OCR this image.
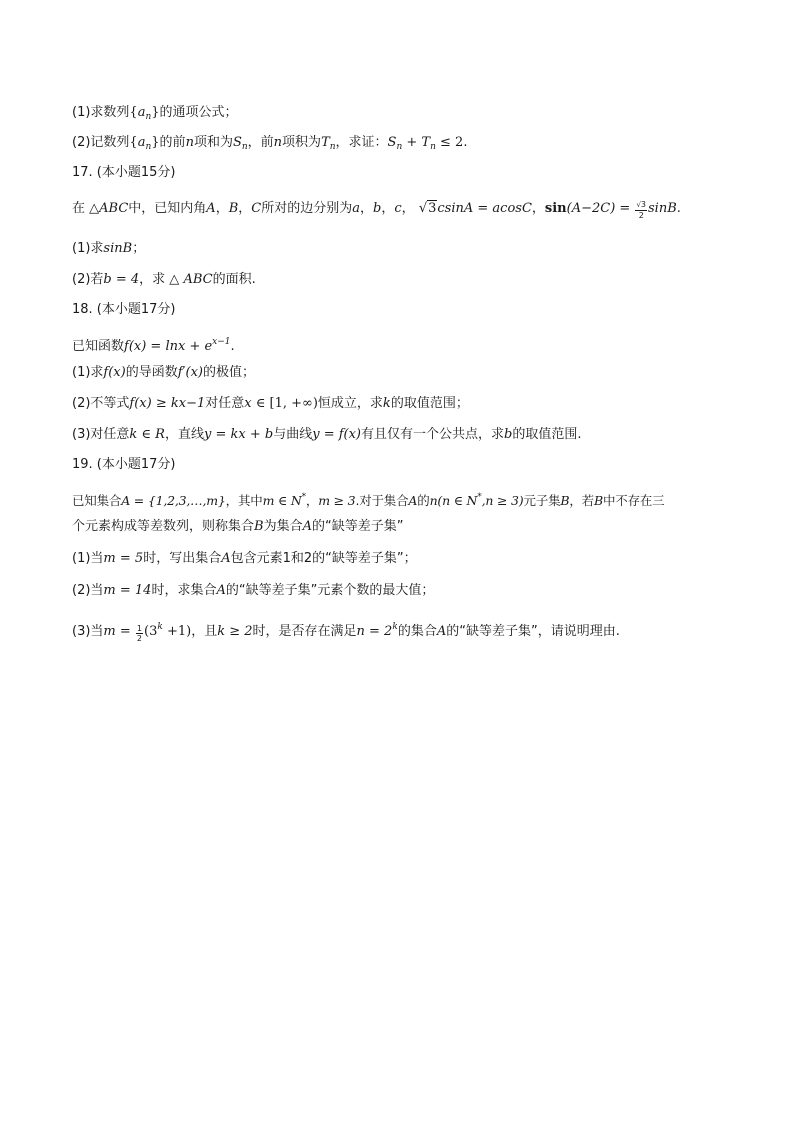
(1)求数列$\{a_n\}$的通项公式；
(2)记数列$\{a_n\}$的前n项和为$S_n$，前n项积为$T_n$，求证：$S_n + T_n \le 2$.
17. (本小题15分)
在 △ABC中，已知内角A，B，C所对的边分别为a，b，c， √3csinA = acosC，$\sin(A-2C) = \frac{√3}{2} \sin B$.
(1)求sinB；
(2)若b = 4，求 △ ABC的面积.
18. (本小题17分)
已知函数$f(x) = \ln x + e^{x-1}$.
(1)求f(x)的导函数f′(x)的极值；
(2)不等式f(x) ≥ kx−1对任意x ∈ [1, +∞)恒成立，求k的取值范围；
(3)对任意k ∈ R，直线y = kx + b与曲线y = f(x)有且仅有一个公共点，求b的取值范围.
19. (本小题17分)
已知集合A = {1,2,3,…,m}，其中m ∈ N*，m ≥ 3.对于集合A的n(n ∈ N*,n ≥ 3)元子集B，若B中不存在三
个元素构成等差数列，则称集合B为集合A的“缺等差子集”
(1)当m = 5时，写出集合A包含元素1和2的“缺等差子集”；
(2)当m = 14时，求集合A的“缺等差子集”元素个数的最大值；
(3)当$m = \frac{1}{2} (3^k +1)$，且k ≥ 2时，是否存在满足$n = 2^k$的集合A的“缺等差子集”，请说明理由.
